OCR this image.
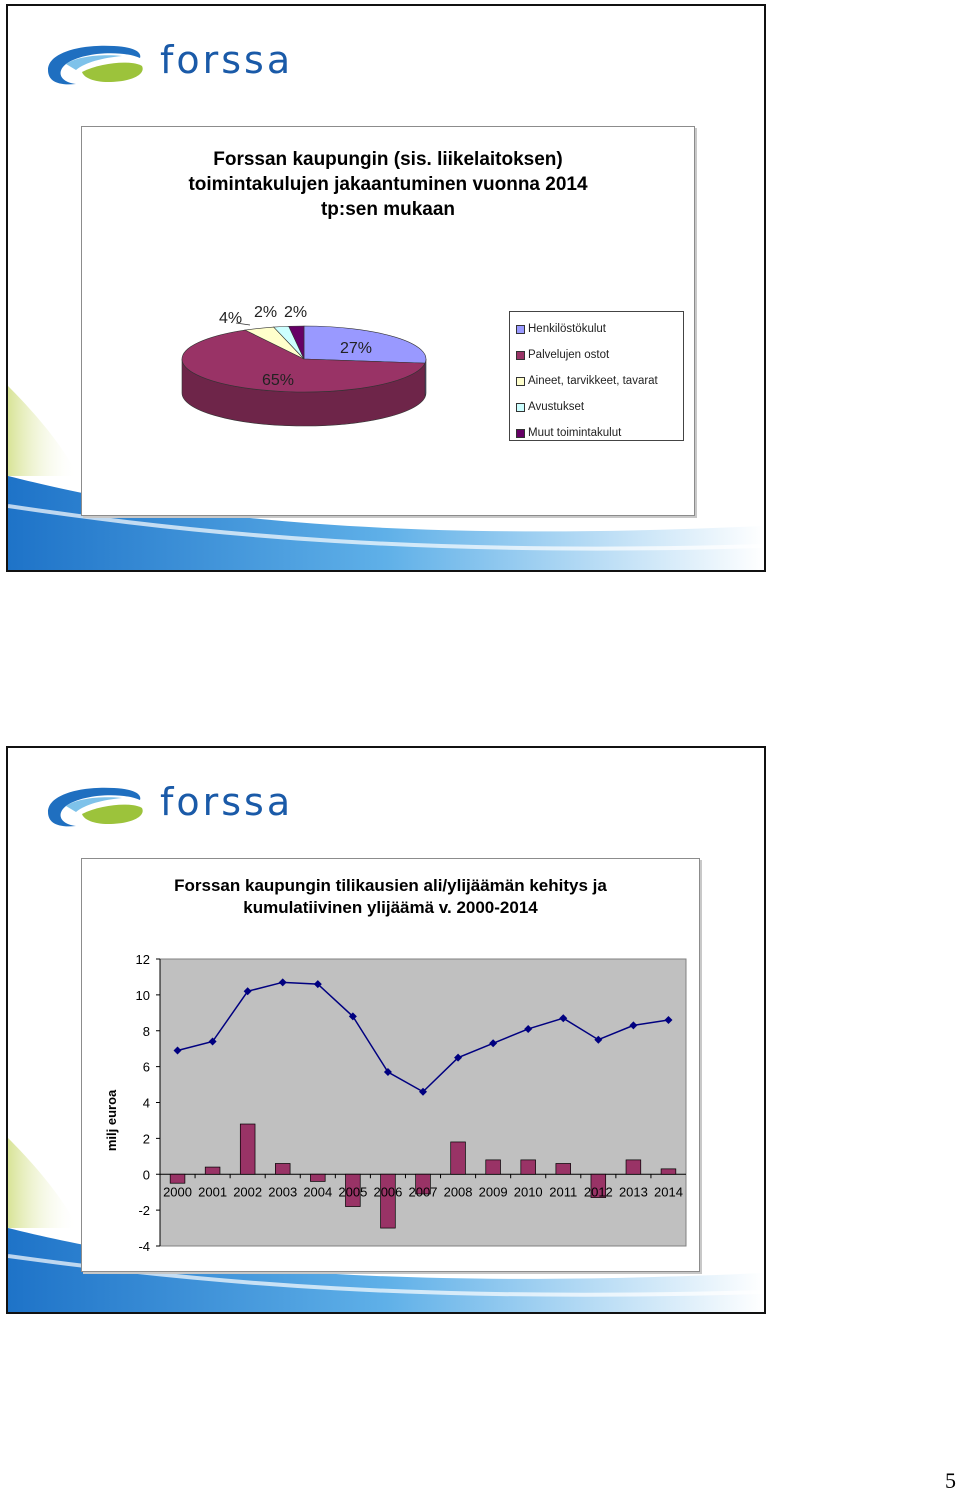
forssa
Forssan kaupungin (sis. liikelaitoksen)
toimintakulujen jakaantuminen vuonna 2014
tp:sen mukaan
27%
65%
4% 2% 2%
Henkilöstökulut
Palvelujen ostot
Aineet, tarvikkeet, tavarat
Avustukset
Muut toimintakulut
forssa
Forssan kaupungin tilikausien ali/ylijäämän kehitys ja
kumulatiivinen ylijäämä v. 2000-2014
12
10
8
6
4
2
0
-2
-4
milj euroa
2000 2001 2002 2003 2004 2005 2006 2007 2008 2009 2010 2011 2012 2013 2014
5
